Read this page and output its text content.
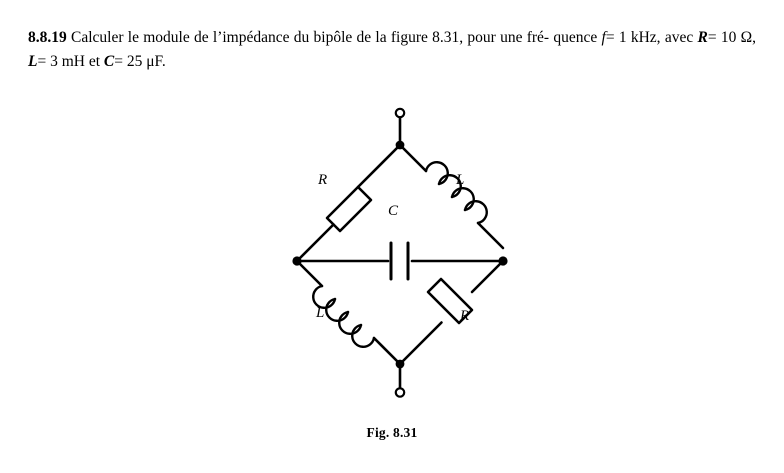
8.8.19 Calculer le module de l’impédance du bipôle de la figure 8.31, pour une fré- quence f= 1 kHz, avec R= 10 Ω, L= 3 mH et C= 25 μF.
R	L
C
L	R
Fig. 8.31
